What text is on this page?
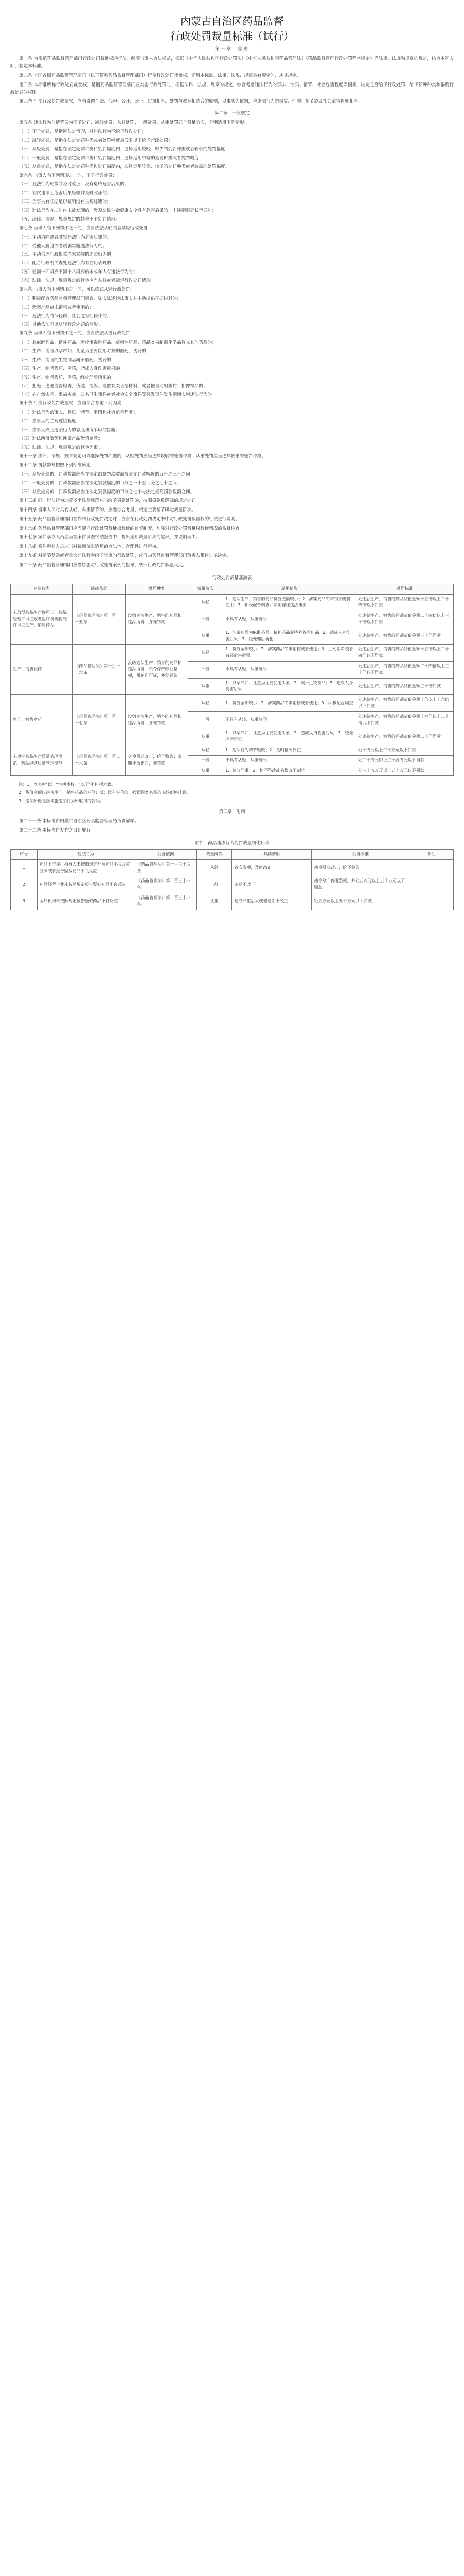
内蒙古自治区药品监督
行政处罚裁量标准（试行）
第一章　总则

第一条 为规范药品监督管理部门行政处罚裁量权的行使，保障当事人合法权益，根据《中华人民共和国行政处罚法》《中华人民共和国药品管理法》《药品监督管理行政处罚程序规定》等法律、法规和规章的规定，结合本区实际，制定本标准。

第二条 本区各级药品监督管理部门（以下简称药品监督管理部门）行使行政处罚裁量权，适用本标准。法律、法规、规章另有规定的，从其规定。

第三条 本标准所称行政处罚裁量权，是指药品监督管理部门在实施行政处罚时，根据法律、法规、规章的规定，综合考虑违法行为的事实、性质、情节、社会危害程度等因素，决定是否给予行政处罚、给予何种种类和幅度行政处罚的权限。

第四条 行使行政处罚裁量权，应当遵循合法、合理、公开、公正、过罚相当、处罚与教育相结合的原则，以事实为依据，与违法行为的事实、性质、情节以及社会危害程度相当。

第二章　一般规定

第五条 违法行为的情节分为不予处罚、减轻处罚、从轻处罚、一般处罚、从重处罚五个裁量阶次，分别适用下列情形：

（一）不予处罚，是指因法定情形，对违法行为不给予行政处罚；

（二）减轻处罚，是指在法定处罚种类或者处罚幅度最低限以下给予行政处罚；

（三）从轻处罚，是指在法定处罚种类和处罚幅度内，选择适用较轻、较少的处罚种类或者较低的处罚幅度；

（四）一般处罚，是指在法定处罚种类和处罚幅度内，选择适用中等的处罚种类或者处罚幅度；

（五）从重处罚，是指在法定处罚种类和处罚幅度内，选择适用较重、较多的处罚种类或者较高的处罚幅度。

第六条 当事人有下列情形之一的，不予行政处罚：

（一）违法行为轻微并及时改正，没有造成危害后果的；

（二）初次违法且危害后果轻微并及时改正的；

（三）当事人有证据足以证明没有主观过错的；

（四）违法行为在二年内未被发现的，涉及公民生命健康安全且有危害后果的，上述期限延长至五年；

（五）法律、法规、规章规定的其他不予处罚情形。

第七条 当事人有下列情形之一的，应当依法从轻或者减轻行政处罚：

（一）主动消除或者减轻违法行为危害后果的；

（二）受他人胁迫或者诱骗实施违法行为的；

（三）主动供述行政机关尚未掌握的违法行为的；

（四）配合行政机关查处违法行为有立功表现的；

（五）已满十四周岁不满十八周岁的未成年人有违法行为的；

（六）法律、法规、规章规定的其他应当从轻或者减轻行政处罚情形。

第八条 当事人有下列情形之一的，可以依法从轻行政处罚：

（一）积极配合药品监督管理部门调查，如实陈述违法事实并主动提供证据材料的；

（二）涉案产品尚未销售或者使用的；

（三）违法行为情节轻微，社会危害性较小的；

（四）其他依法可以从轻行政处罚的情形。

第九条 当事人有下列情形之一的，应当依法从重行政处罚：

（一）以麻醉药品、精神药品、医疗用毒性药品、放射性药品、药品类易制毒化学品冒充其他药品的；

（二）生产、销售以孕产妇、儿童为主要使用对象的假药、劣药的；

（三）生产、销售的生物制品属于假药、劣药的；

（四）生产、销售假药、劣药，造成人身伤害后果的；

（五）生产、销售假药、劣药，经处理后再犯的；

（六）拒绝、逃避监督检查，伪造、销毁、隐匿有关证据材料，或者擅自动用查封、扣押物品的；

（七）在自然灾害、事故灾难、公共卫生事件或者社会安全事件等突发事件发生期间实施违法行为的。

第十条 行使行政处罚裁量权，应当综合考虑下列因素：

（一）违法行为的事实、性质、情节、手段和社会危害程度；

（二）当事人的主观过错程度；

（三）当事人改正违法行为的态度和所采取的措施；

（四）违法所得数额和涉案产品货值金额；

（五）法律、法规、规章规定的其他因素。

第十一条 法律、法规、规章规定可以选择处罚种类的，从轻处罚应当选择较轻的处罚种类，从重处罚应当选择较重的处罚种类。

第十二条 罚款数额按照下列标准确定：

（一）从轻处罚的，罚款数额应当在法定最低罚款数额与法定罚款幅度的百分之三十之间；

（二）一般处罚的，罚款数额应当在法定罚款幅度的百分之三十至百分之七十之间；

（三）从重处罚的，罚款数额应当在法定罚款幅度的百分之七十与法定最高罚款数额之间。

第十三条 同一违法行为违反多个法律规范应当给予罚款处罚的，按照罚款数额高的规定处罚。

第十四条 当事人同时具有从轻、从重情节的，应当综合考量，根据主要情节确定裁量阶次。

第十五条 药品监督管理部门在作出行政处罚决定时，应当在行政处罚决定书中对行政处罚裁量权的行使进行说明。

第十六条 药品监督管理部门应当建立行政处罚裁量权行使的监督制度，加强对行政处罚裁量权行使情况的监督检查。

第十七条 案件承办人员应当在案件调查终结报告中，提出适用裁量阶次的建议，并说明理由。

第十八条 案件审核人员应当对裁量阶次适用的合法性、合理性进行审核。

第十九条 对情节复杂或者重大违法行为给予较重的行政处罚，应当由药品监督管理部门负责人集体讨论决定。

第二十条 药品监督管理部门应当加强对行政处罚案例的指导，统一行政处罚裁量尺度。

行政处罚裁量基准表
违法行为	法律依据	处罚种类	裁量阶次	适用情形	处罚标准
未取得药品生产许可证、药品经营许可证或者医疗机构制剂许可证生产、销售药品	《药品管理法》第一百一十五条	没收违法生产、销售的药品和违法所得，并处罚款	从轻	1．违法生产、销售的药品货值金额较小；2．涉案药品尚未销售或者使用；3．积极配合调查并如实陈述违法事实	处违法生产、销售的药品货值金额十五倍以上二十四倍以下罚款
			一般	不具有从轻、从重情形	处违法生产、销售的药品货值金额二十四倍以上三十倍以下罚款
			从重	1．涉案药品为麻醉药品、精神药品等特殊管理药品；2．造成人身伤害后果；3．经处理后再犯	处违法生产、销售的药品货值金额三十倍罚款
生产、销售假药	《药品管理法》第一百一十六条	没收违法生产、销售的药品和违法所得，责令停产停业整顿，吊销许可证，并处罚款	从轻	1．货值金额较小；2．涉案药品尚未销售或者使用；3．主动消除或者减轻危害后果	处违法生产、销售的药品货值金额十五倍以上二十四倍以下罚款
			一般	不具有从轻、从重情形	处违法生产、销售的药品货值金额二十四倍以上三十倍以下罚款
			从重	1．以孕产妇、儿童为主要使用对象；2．属于生物制品；3．造成人身伤害后果	处违法生产、销售的药品货值金额三十倍罚款
生产、销售劣药	《药品管理法》第一百一十七条	没收违法生产、销售的药品和违法所得，并处罚款	从轻	1．货值金额较小；2．涉案药品尚未销售或者使用；3．积极配合调查	处违法生产、销售的药品货值金额十倍以上十六倍以下罚款
			一般	不具有从轻、从重情形	处违法生产、销售的药品货值金额十六倍以上二十倍以下罚款
			从重	1．以孕产妇、儿童为主要使用对象；2．造成人身伤害后果；3．经处理后再犯	处违法生产、销售的药品货值金额二十倍罚款
未遵守药品生产质量管理规范、药品经营质量管理规范	《药品管理法》第一百二十六条	责令限期改正，给予警告；逾期不改正的，处罚款	从轻	1．违法行为情节轻微；2．及时整改到位	处十万元以上二十万元以下罚款
			一般	不具有从轻、从重情形	处二十万元以上三十五万元以下罚款
			从重	1．情节严重；2．拒不整改或者整改不到位	处三十五万元以上五十万元以下罚款

注：1．本表中"以上"包括本数，"以下"不包括本数。

2．货值金额以违法生产、销售药品的标价计算；没有标价的，按照同类药品的市场价格计算。

3．违法所得是指实施违法行为所取得的款项。

第三章　附则

第二十一条 本标准由内蒙古自治区药品监督管理局负责解释。

第二十二条 本标准自发布之日起施行。

附件：药品违法行为处罚裁量细化标准
序号	违法行为	处罚依据	裁量阶次	具体情形	处罚标准	备注
1	药品上市许可持有人未按照规定开展药品不良反应监测或者报告疑似药品不良反应	《药品管理法》第一百三十四条	从轻	首次发现，及时改正	责令限期改正，给予警告	
2	药品经营企业未按照规定报告疑似药品不良反应	《药品管理法》第一百三十四条	一般	逾期不改正	责令停产停业整顿，并处五万元以上五十万元以下罚款	
3	医疗机构未按照规定报告疑似药品不良反应	《药品管理法》第一百三十四条	从重	造成严重后果或者逾期不改正	处五万元以上五十万元以下罚款	
